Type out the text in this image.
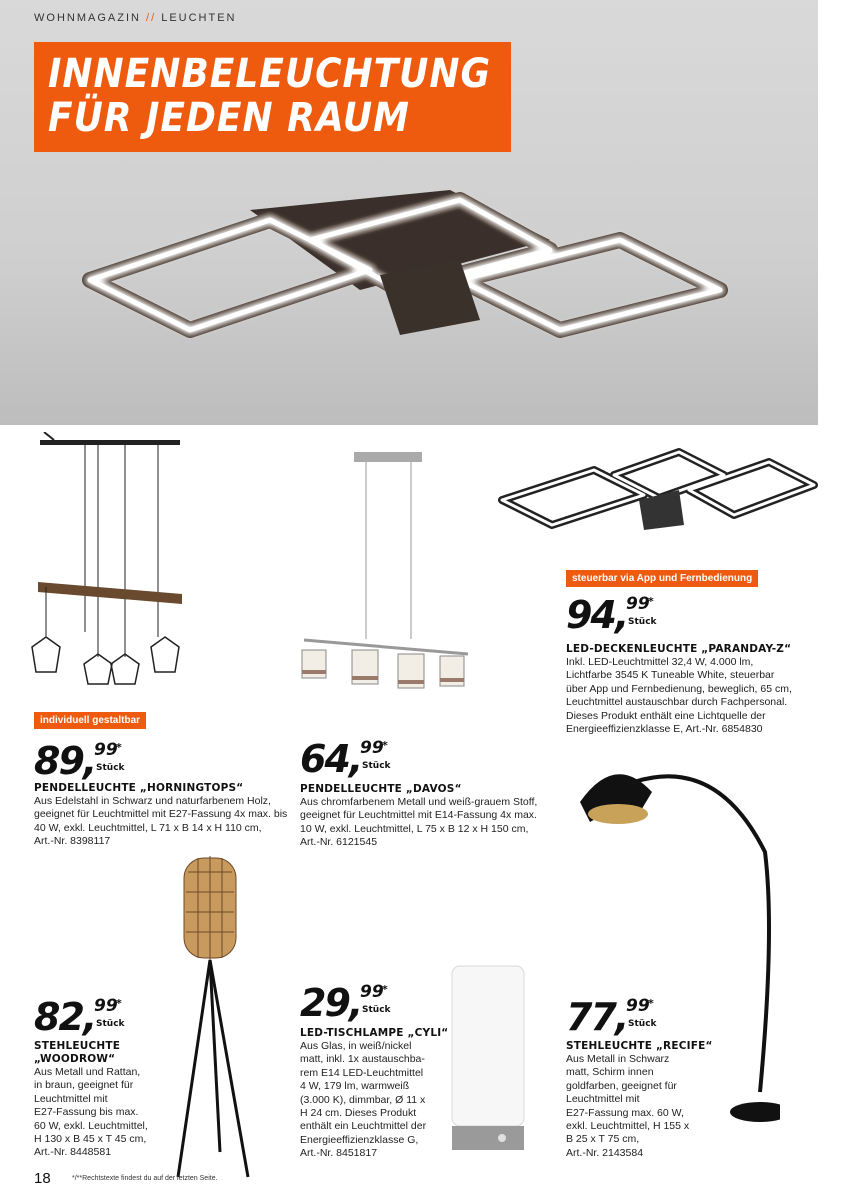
WOHNMAGAZIN // LEUCHTEN
INNENBELEUCHTUNG
FÜR JEDEN RAUM
individuell gestaltbar
89,
99
*
Stück
PENDELLEUCHTE „HORNINGTOPS“
Aus Edelstahl in Schwarz und naturfarbenem Holz,
geeignet für Leuchtmittel mit E27-Fassung 4x max. bis
40 W, exkl. Leuchtmittel, L 71 x B 14 x H 110 cm,
Art.-Nr. 8398117
64,
99
*
Stück
PENDELLEUCHTE „DAVOS“
Aus chromfarbenem Metall und weiß-grauem Stoff,
geeignet für Leuchtmittel mit E14-Fassung 4x max.
10 W, exkl. Leuchtmittel, L 75 x B 12 x H 150 cm,
Art.-Nr. 6121545
steuerbar via App und Fernbedienung
94,
99
*
Stück
LED-DECKENLEUCHTE „PARANDAY-Z“
Inkl. LED-Leuchtmittel 32,4 W, 4.000 lm,
Lichtfarbe 3545 K Tuneable White, steuerbar
über App und Fernbedienung, beweglich, 65 cm,
Leuchtmittel austauschbar durch Fachpersonal.
Dieses Produkt enthält eine Lichtquelle der
Energieeffizienzklasse E, Art.-Nr. 6854830
82,
99
*
Stück
STEHLEUCHTE
„WOODROW“
Aus Metall und Rattan,
in braun, geeignet für
Leuchtmittel mit
E27-Fassung bis max.
60 W, exkl. Leuchtmittel,
H 130 x B 45 x T 45 cm,
Art.-Nr. 8448581
29,
99
*
Stück
LED-TISCHLAMPE „CYLI“
Aus Glas, in weiß/nickel
matt, inkl. 1x austauschba-
rem E14 LED-Leuchtmittel
4 W, 179 lm, warmweiß
(3.000 K), dimmbar, Ø 11 x
H 24 cm. Dieses Produkt
enthält ein Leuchtmittel der
Energieeffizienzklasse G,
Art.-Nr. 8451817
77,
99
*
Stück
STEHLEUCHTE „RECIFE“
Aus Metall in Schwarz
matt, Schirm innen
goldfarben, geeignet für
Leuchtmittel mit
E27-Fassung max. 60 W,
exkl. Leuchtmittel, H 155 x
B 25 x T 75 cm,
Art.-Nr. 2143584
18	*/**Rechtstexte findest du auf der letzten Seite.
